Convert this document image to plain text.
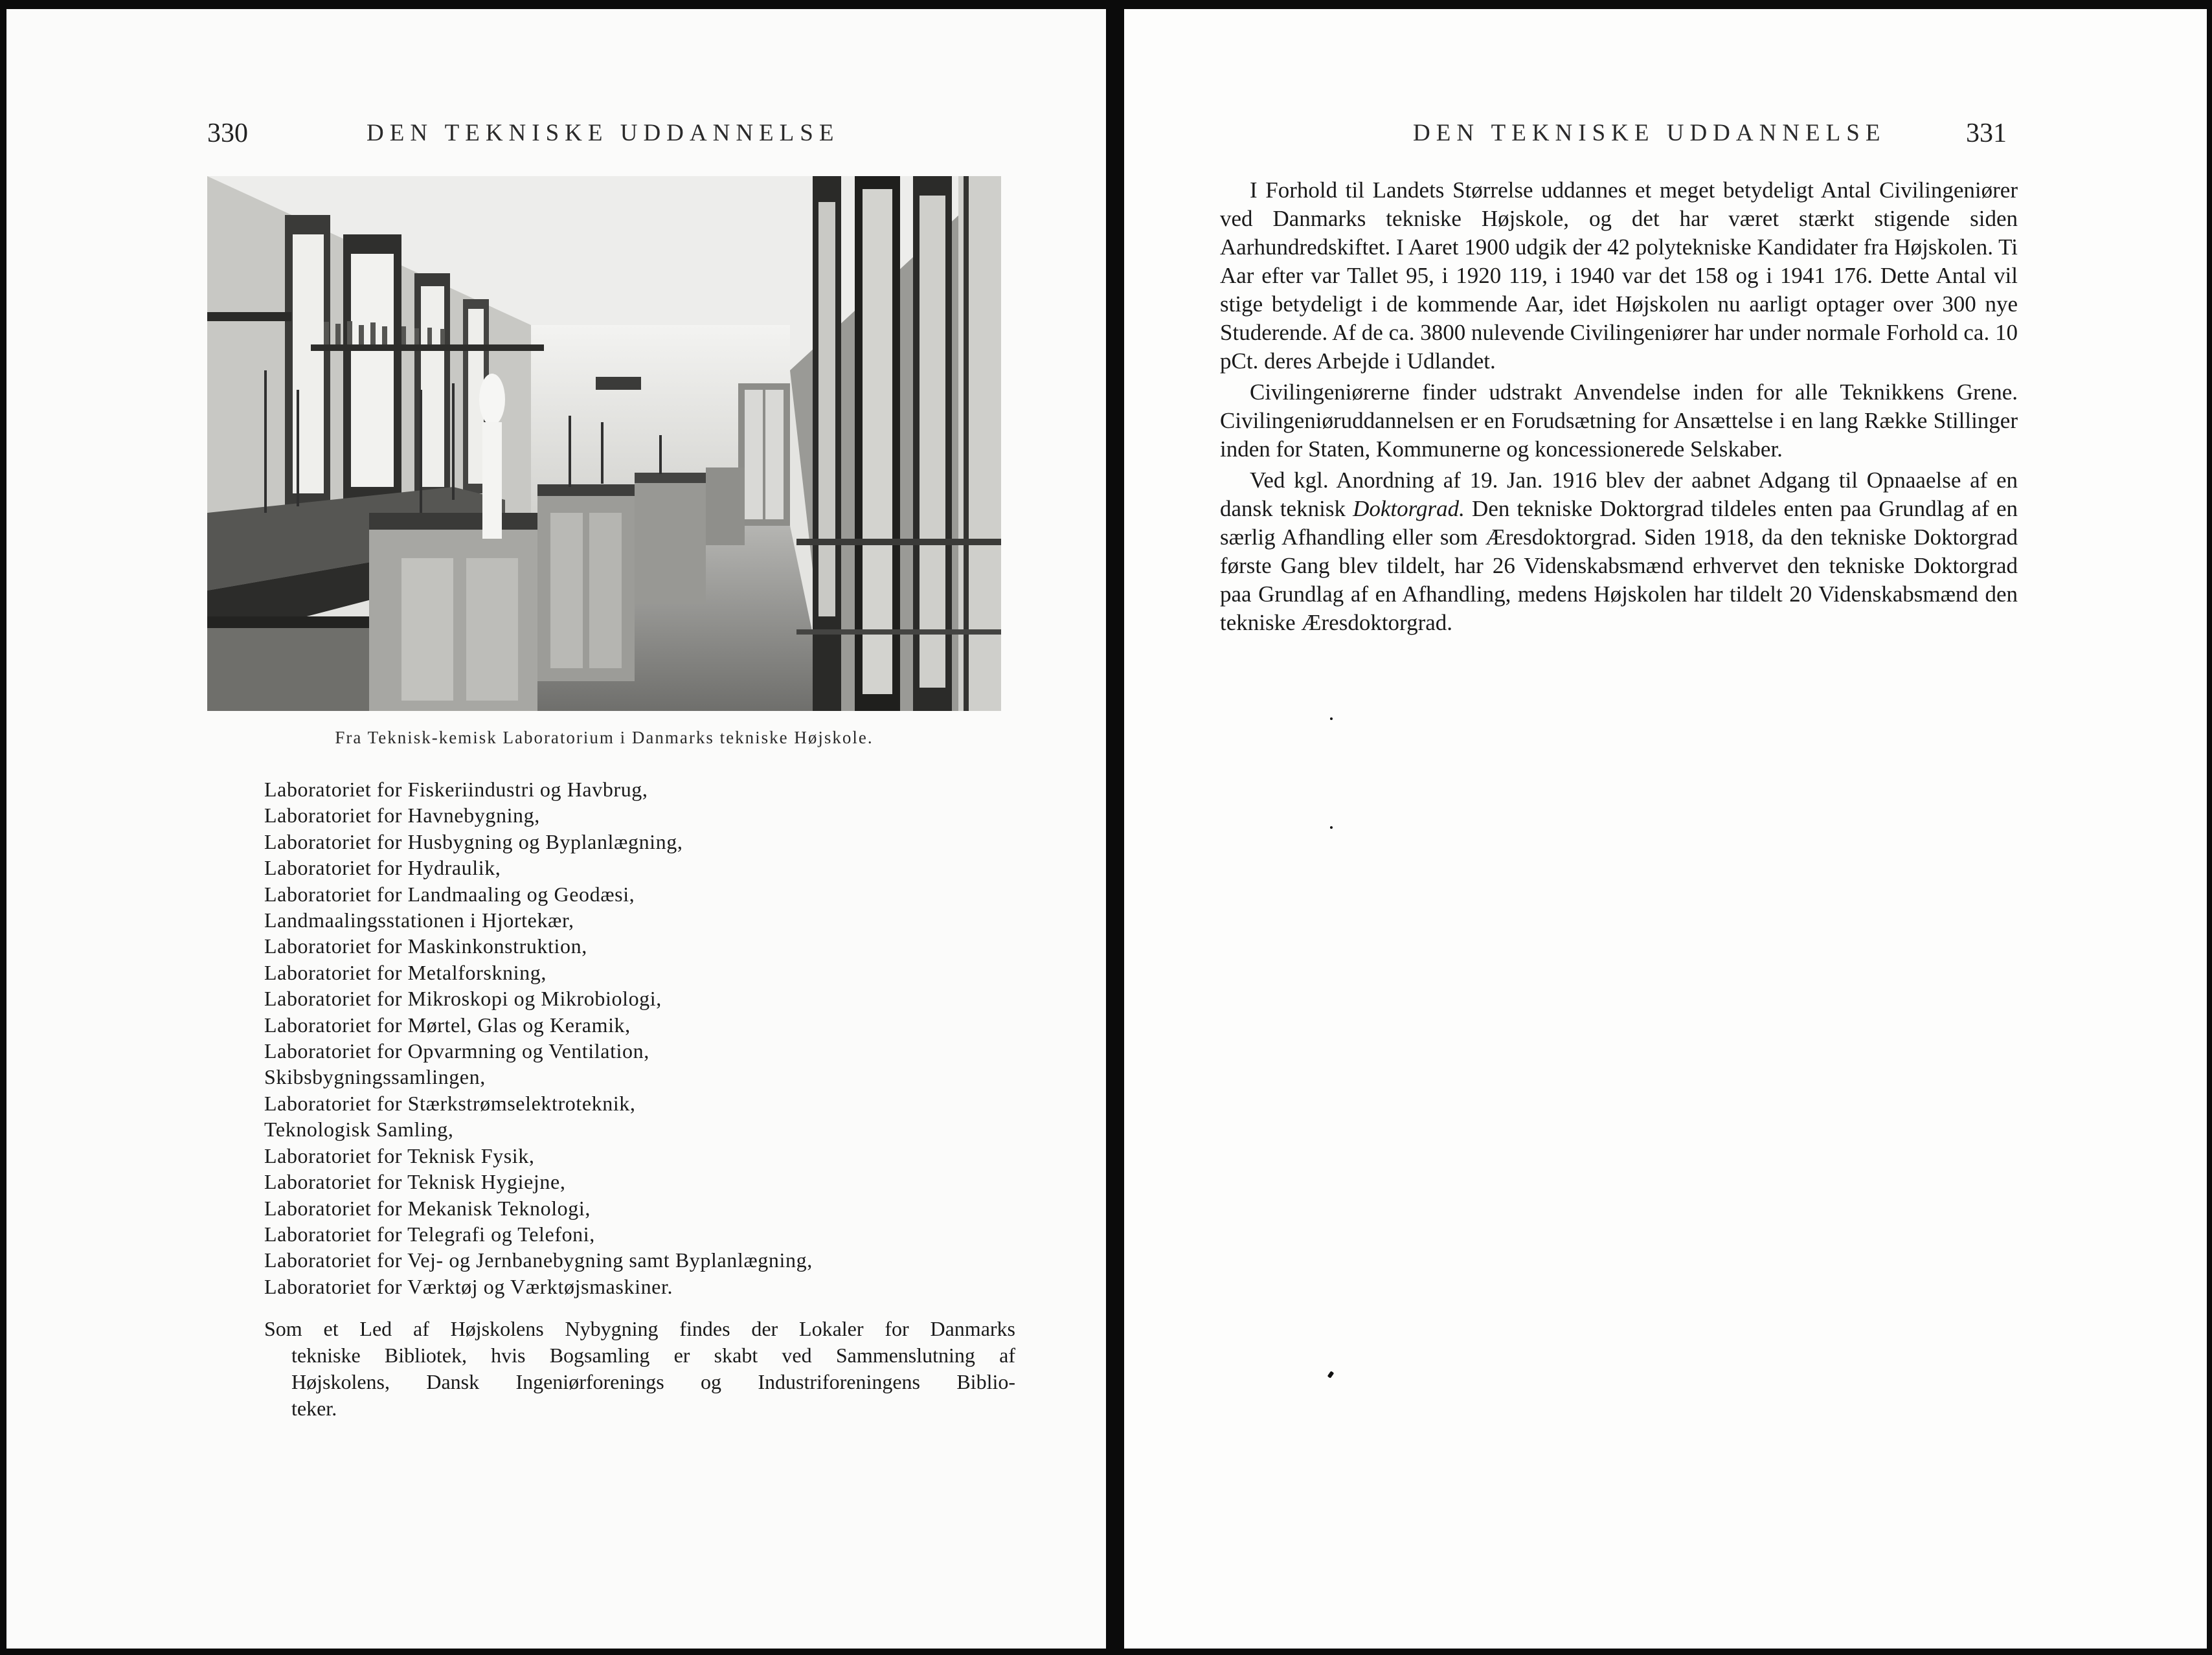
330	DEN TEKNISKE UDDANNELSE
Fra Teknisk-kemisk Laboratorium i Danmarks tekniske Højskole.
Laboratoriet for Fiskeriindustri og Havbrug,
Laboratoriet for Havnebygning,
Laboratoriet for Husbygning og Byplanlægning,
Laboratoriet for Hydraulik,
Laboratoriet for Landmaaling og Geodæsi,
Landmaalingsstationen i Hjortekær,
Laboratoriet for Maskinkonstruktion,
Laboratoriet for Metalforskning,
Laboratoriet for Mikroskopi og Mikrobiologi,
Laboratoriet for Mørtel, Glas og Keramik,
Laboratoriet for Opvarmning og Ventilation,
Skibsbygningssamlingen,
Laboratoriet for Stærkstrømselektroteknik,
Teknologisk Samling,
Laboratoriet for Teknisk Fysik,
Laboratoriet for Teknisk Hygiejne,
Laboratoriet for Mekanisk Teknologi,
Laboratoriet for Telegrafi og Telefoni,
Laboratoriet for Vej- og Jernbanebygning samt Byplanlægning,
Laboratoriet for Værktøj og Værktøjsmaskiner.
Som et Led af Højskolens Nybygning findes der Lokaler for Danmarks
tekniske Bibliotek, hvis Bogsamling er skabt ved Sammenslutning af
Højskolens, Dansk Ingeniørforenings og Industriforeningens Biblio-
teker.
DEN TEKNISKE UDDANNELSE	331

I Forhold til Landets Størrelse uddannes et meget betydeligt Antal Civilingeniører ved Danmarks tekniske Højskole, og det har været stærkt stigende siden Aarhundredskiftet. I Aaret 1900 udgik der 42 polytekniske Kandidater fra Højskolen. Ti Aar efter var Tallet 95, i 1920 119, i 1940 var det 158 og i 1941 176. Dette Antal vil stige betydeligt i de kommende Aar, idet Højskolen nu aarligt optager over 300 nye Studerende. Af de ca. 3800 nulevende Civilingeniører har under normale Forhold ca. 10 pCt. deres Arbejde i Udlandet.

Civilingeniørerne finder udstrakt Anvendelse inden for alle Teknikkens Grene. Civilingeniøruddannelsen er en Forudsætning for Ansættelse i en lang Række Stillinger inden for Staten, Kommunerne og koncessionerede Selskaber.

Ved kgl. Anordning af 19. Jan. 1916 blev der aabnet Adgang til Opnaaelse af en dansk teknisk Doktorgrad. Den tekniske Doktorgrad tildeles enten paa Grundlag af en særlig Afhandling eller som Æresdoktorgrad. Siden 1918, da den tekniske Doktorgrad første Gang blev tildelt, har 26 Videnskabsmænd erhvervet den tekniske Doktorgrad paa Grundlag af en Afhandling, medens Højskolen har tildelt 20 Videnskabsmænd den tekniske Æresdoktorgrad.
